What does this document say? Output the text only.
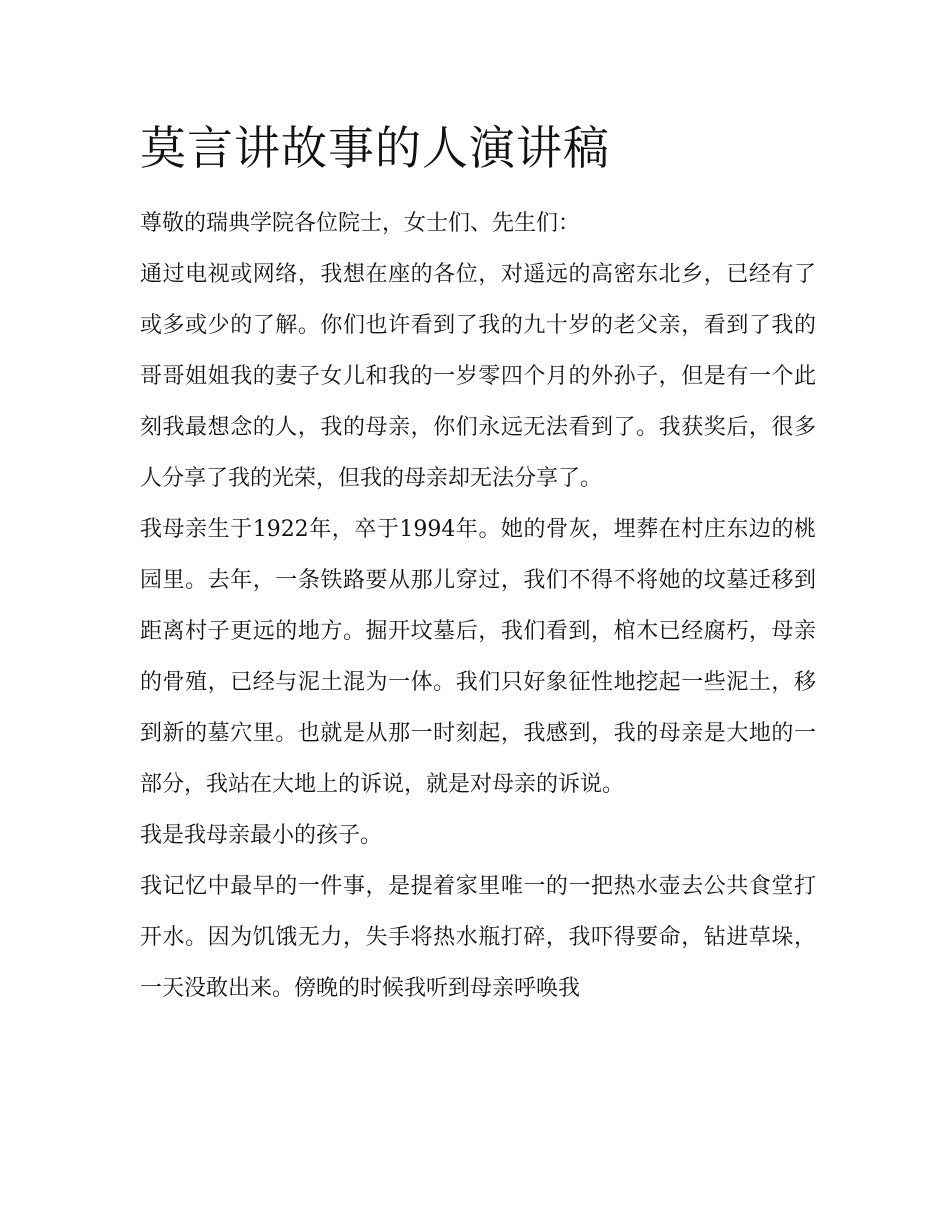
莫言讲故事的人演讲稿

尊敬的瑞典学院各位院士，女士们、先生们：

通过电视或网络，我想在座的各位，对遥远的高密东北乡，已经有了或多或少的了解。你们也许看到了我的九十岁的老父亲，看到了我的哥哥姐姐我的妻子女儿和我的一岁零四个月的外孙子，但是有一个此刻我最想念的人，我的母亲，你们永远无法看到了。我获奖后，很多人分享了我的光荣，但我的母亲却无法分享了。

我母亲生于1922年，卒于1994年。她的骨灰，埋葬在村庄东边的桃园里。去年，一条铁路要从那儿穿过，我们不得不将她的坟墓迁移到距离村子更远的地方。掘开坟墓后，我们看到，棺木已经腐朽，母亲的骨殖，已经与泥土混为一体。我们只好象征性地挖起一些泥土，移到新的墓穴里。也就是从那一时刻起，我感到，我的母亲是大地的一部分，我站在大地上的诉说，就是对母亲的诉说。

我是我母亲最小的孩子。

我记忆中最早的一件事，是提着家里唯一的一把热水壶去公共食堂打开水。因为饥饿无力，失手将热水瓶打碎，我吓得要命，钻进草垛，一天没敢出来。傍晚的时候我听到母亲呼唤我
